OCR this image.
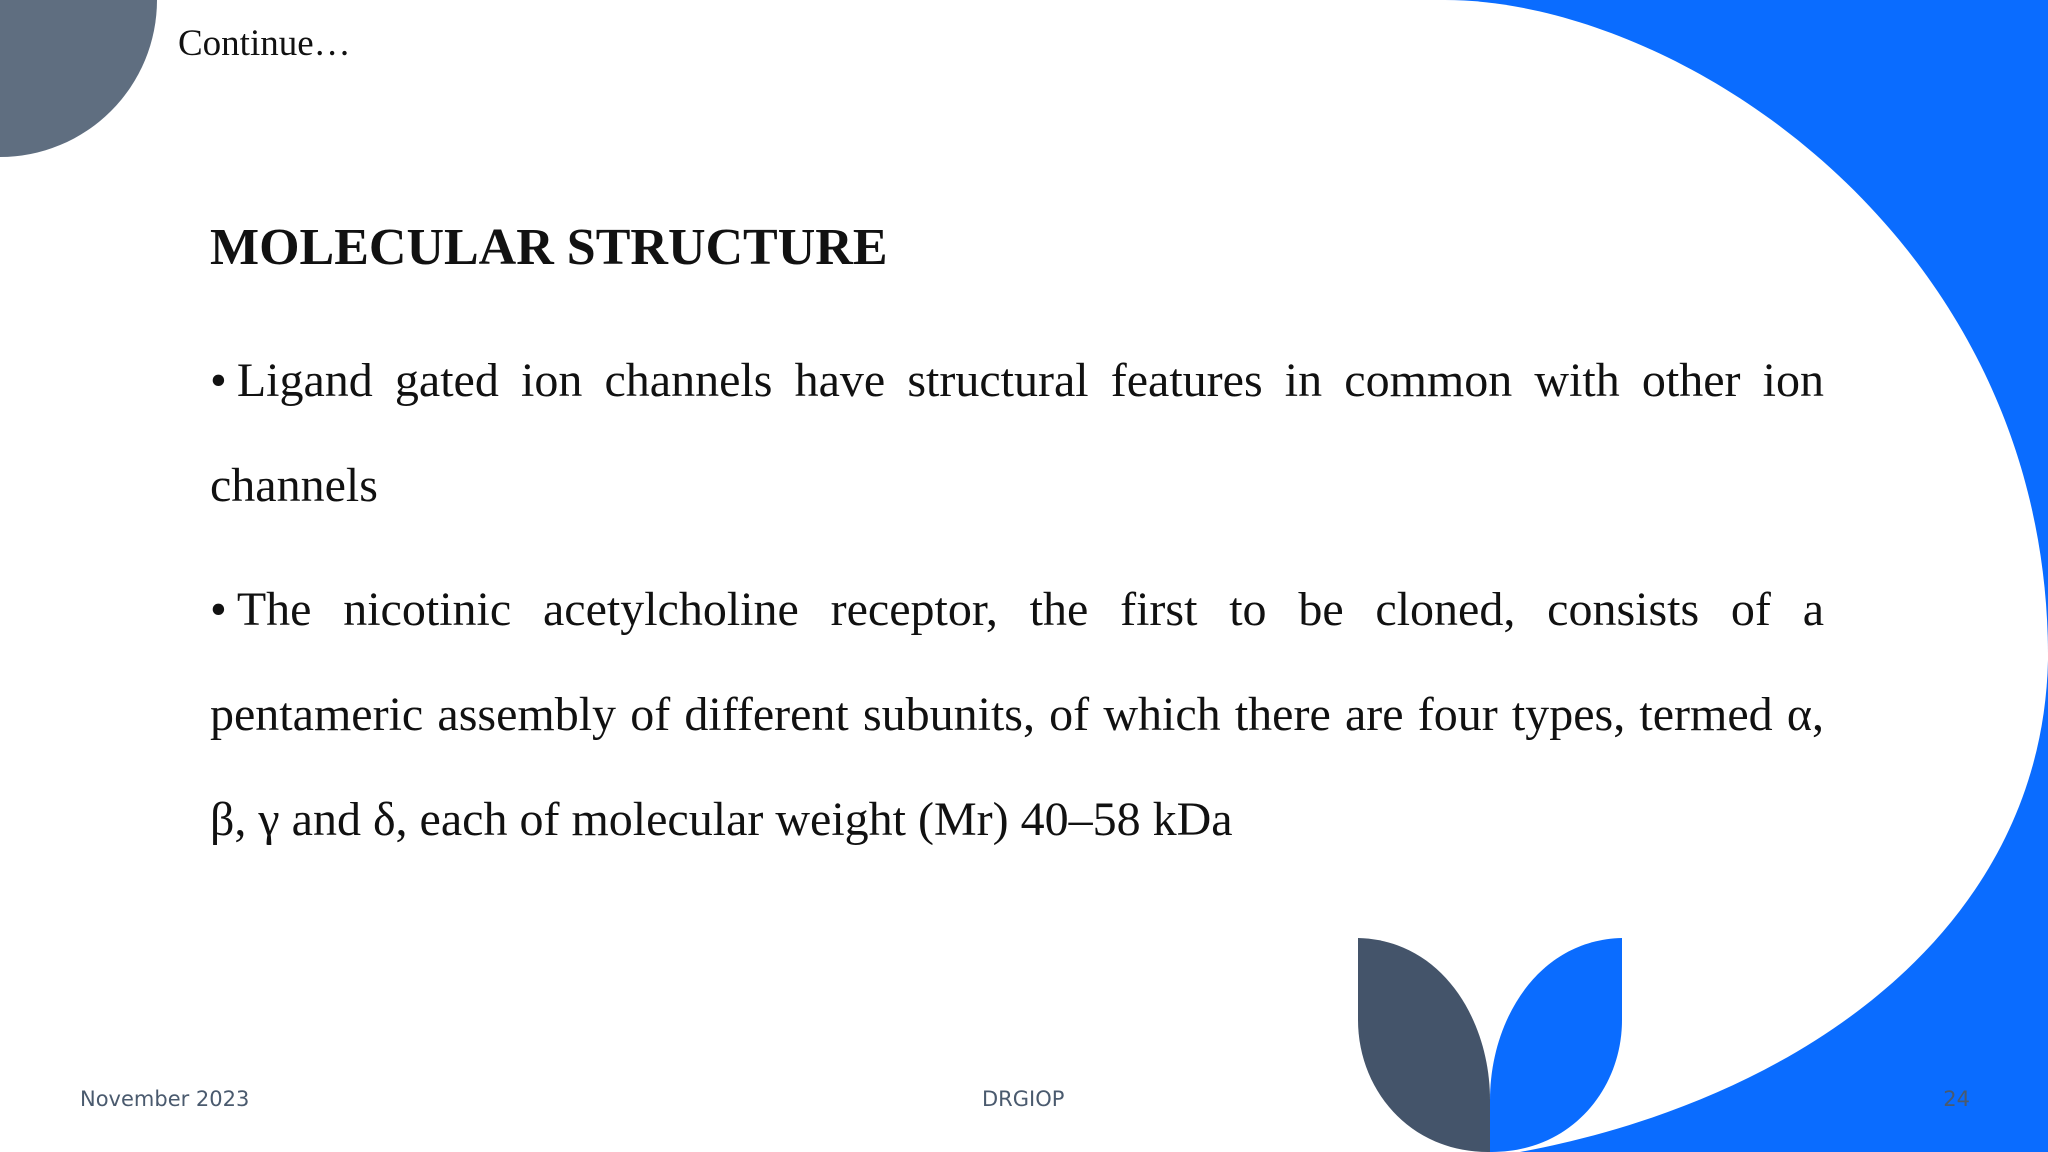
Continue…
MOLECULAR STRUCTURE

• Ligand gated ion channels have structural features in common with other ion channels

• The nicotinic acetylcholine receptor, the first to be cloned, consists of a pentameric assembly of different subunits, of which there are four types, termed α, β, γ and δ, each of molecular weight (Mr) 40–58 kDa

November 2023	DRGIOP	24
